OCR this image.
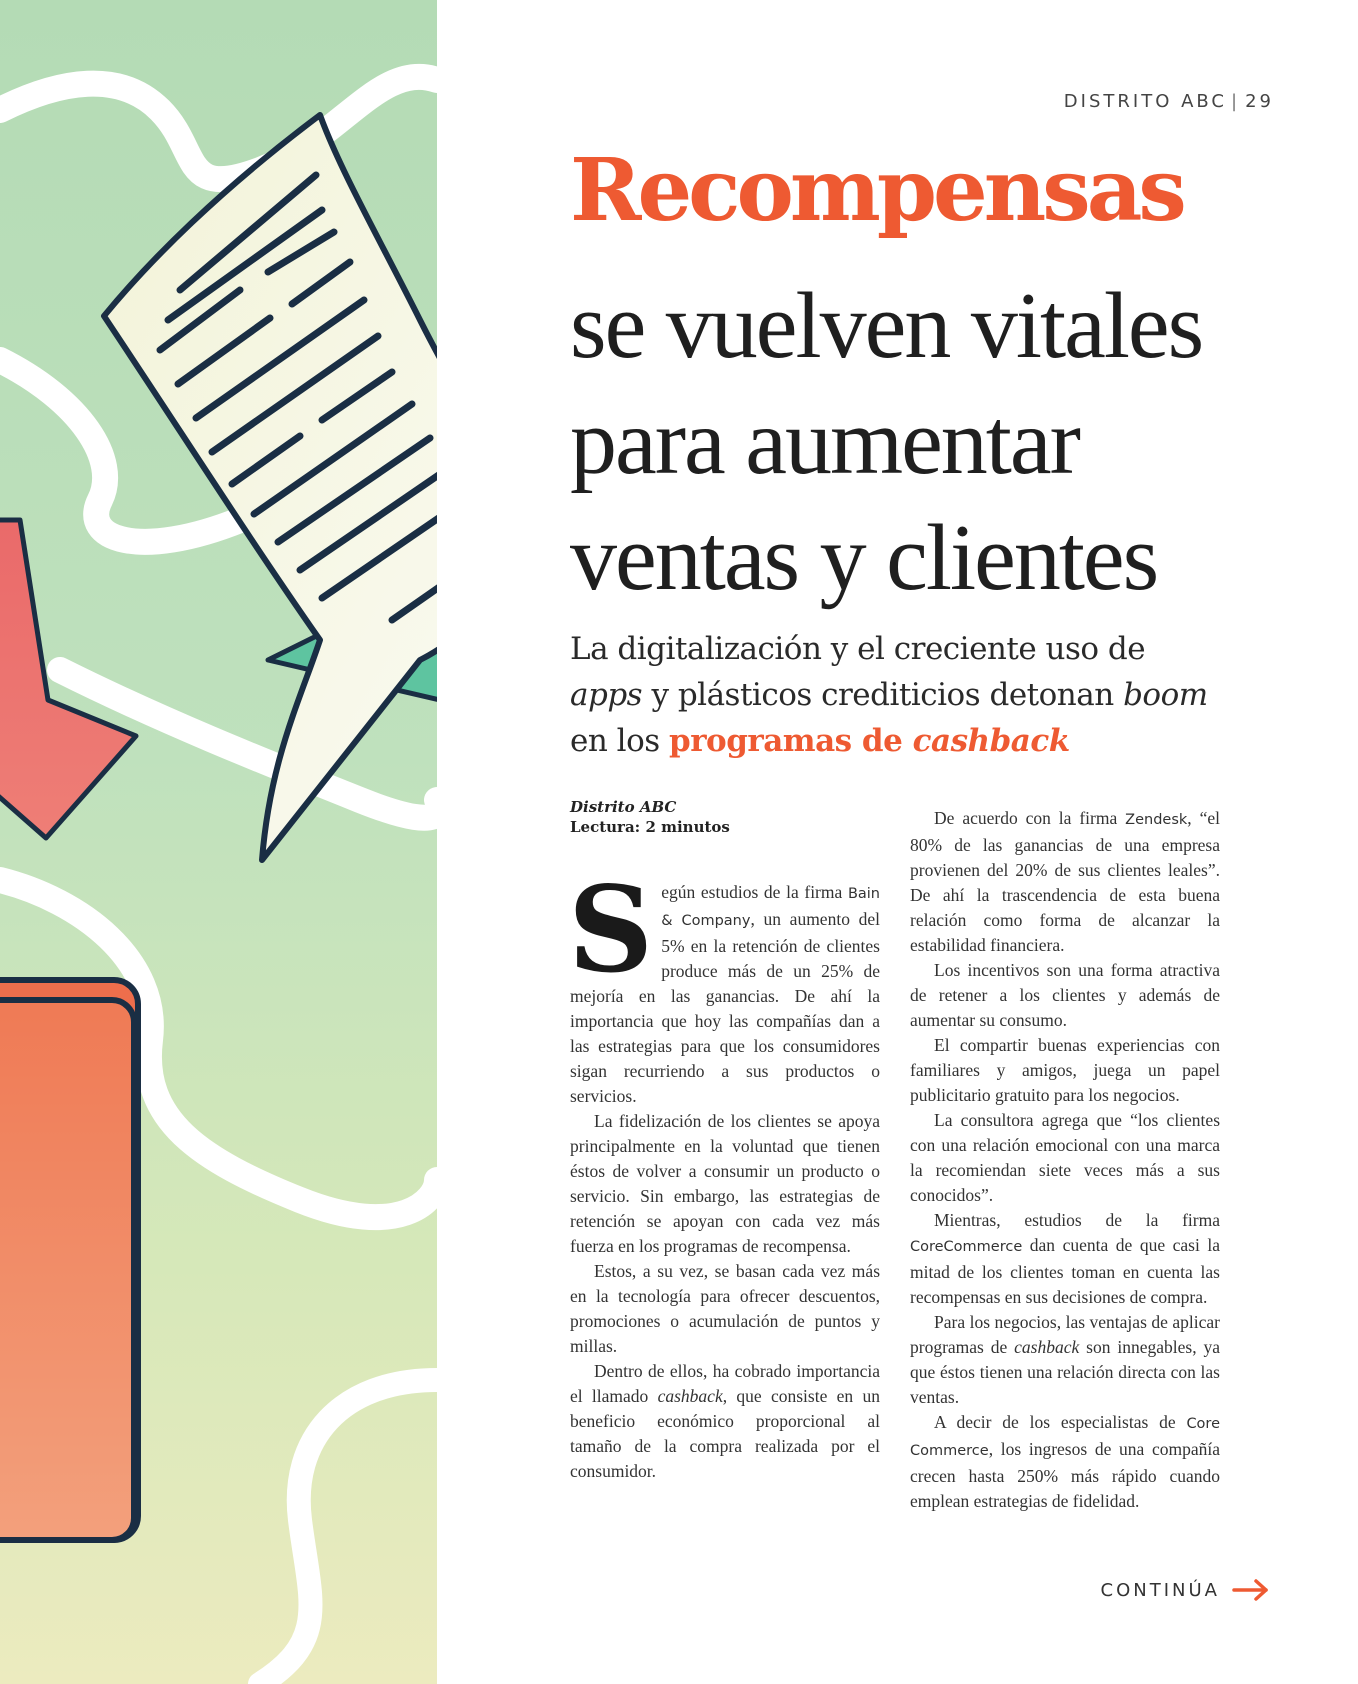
DISTRITO ABC | 29
Recompensas
se vuelven vitales
para aumentar
ventas y clientes
La digitalización y el creciente uso de apps y plásticos crediticios detonan boom en los programas de cashback
Distrito ABC
Lectura: 2 minutos

Según estudios de la firma Bain & Company, un aumento del 5% en la retención de clientes produce más de un 25% de mejoría en las ganancias. De ahí la importancia que hoy las compañías dan a las estrategias para que los consumidores sigan recurriendo a sus productos o servicios.

La fidelización de los clientes se apoya principalmente en la voluntad que tienen éstos de volver a consumir un producto o servicio. Sin embargo, las estrategias de retención se apoyan con cada vez más fuerza en los programas de recompensa.

Estos, a su vez, se basan cada vez más en la tecnología para ofrecer descuentos, promociones o acumulación de puntos y millas.

Dentro de ellos, ha cobrado importancia el llamado cashback, que consiste en un beneficio económico proporcional al tamaño de la compra realizada por el consumidor.

De acuerdo con la firma Zendesk, “el 80% de las ganancias de una empresa provienen del 20% de sus clientes leales”. De ahí la trascendencia de esta buena relación como forma de alcanzar la estabilidad financiera.

Los incentivos son una forma atractiva de retener a los clientes y además de aumentar su consumo.

El compartir buenas experiencias con familiares y amigos, juega un papel publicitario gratuito para los negocios.

La consultora agrega que “los clientes con una relación emocional con una marca la recomiendan siete veces más a sus conocidos”.

Mientras, estudios de la firma CoreCommerce dan cuenta de que casi la mitad de los clientes toman en cuenta las recompensas en sus decisiones de compra.

Para los negocios, las ventajas de aplicar programas de cashback son innegables, ya que éstos tienen una relación directa con las ventas.

A decir de los especialistas de Core Commerce, los ingresos de una compañía crecen hasta 250% más rápido cuando emplean estrategias de fidelidad.

CONTINÚA
